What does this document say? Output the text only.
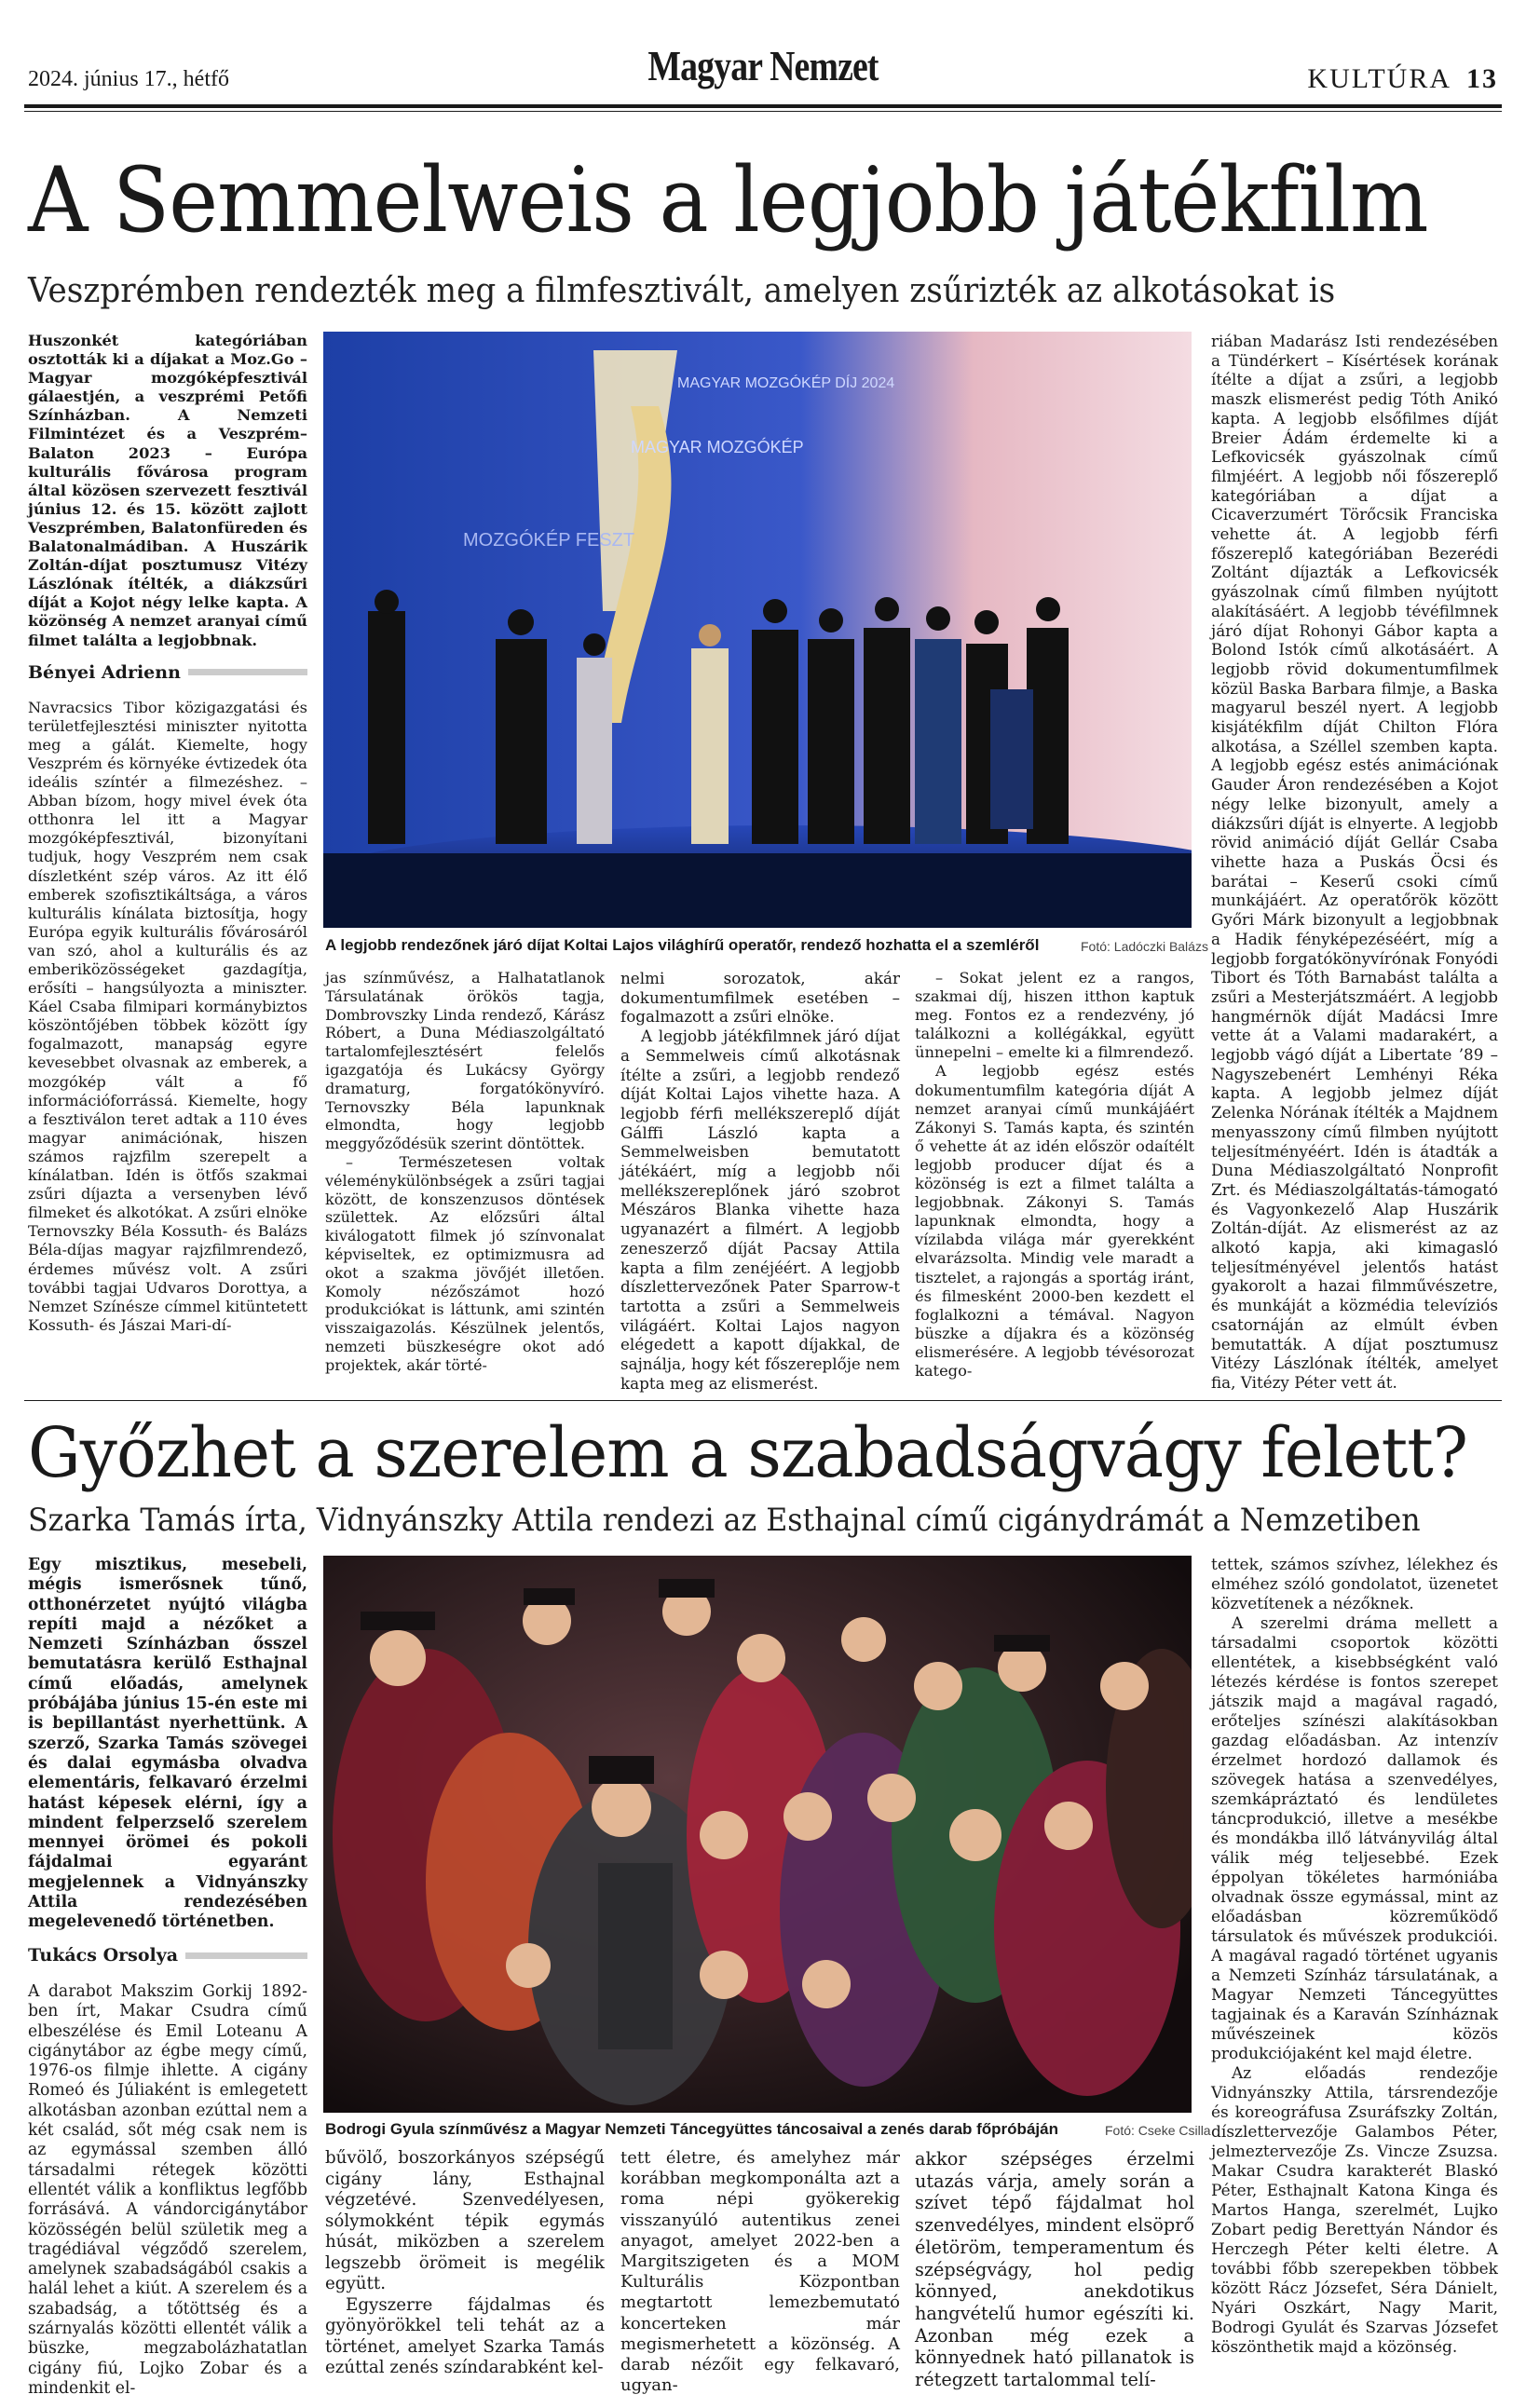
2024. június 17., hétfő	Magyar Nemzet	KULTÚRA 13
A Semmelweis a legjobb játékfilm
Veszprémben rendezték meg a filmfesztivált, amelyen zsűrizték az alkotásokat is
Huszonkét kategóriában osztották ki a díjakat a Moz.Go – Magyar mozgóképfesztivál gálaestjén, a veszprémi Petőfi Színházban. A Nemzeti Filmintézet és a Veszprém–Balaton 2023 – Európa kulturális fővárosa program által közösen szervezett fesztivál június 12. és 15. között zajlott Veszprémben, Balatonfüreden és Balatonalmádiban. A Huszárik Zoltán-díjat posztumusz Vitézy Lászlónak ítélték, a diákzsűri díját a Kojot négy lelke kapta. A közönség A nemzet aranyai című filmet találta a legjobbnak.
Bényei Adrienn

Navracsics Tibor közigazgatási és területfejlesztési miniszter nyitotta meg a gálát. Kiemelte, hogy Veszprém és környéke évtizedek óta ideális színtér a filmezéshez. – Abban bízom, hogy mivel évek óta otthonra lel itt a Magyar mozgóképfesztivál, bizonyítani tudjuk, hogy Veszprém nem csak díszletként szép város. Az itt élő emberek szofisztikáltsága, a város kulturális kínálata biztosítja, hogy Európa egyik kulturális fővárosáról van szó, ahol a kulturális és az emberiközösségeket gazdagítja, erősíti – hangsúlyozta a miniszter. Káel Csaba filmipari kormánybiztos köszöntőjében többek között így fogalmazott, manapság egyre kevesebbet olvasnak az emberek, a mozgókép vált a fő információforrássá. Kiemelte, hogy a fesztiválon teret adtak a 110 éves magyar animációnak, hiszen számos rajzfilm szerepelt a kínálatban. Idén is ötfős szakmai zsűri díjazta a versenyben lévő filmeket és alkotókat. A zsűri elnöke Ternovszky Béla Kossuth- és Balázs Béla-díjas magyar rajzfilmrendező, érdemes művész volt. A zsűri további tagjai Udvaros Dorottya, a Nemzet Színésze címmel kitüntetett Kossuth- és Jászai Mari-dí-

MAGYAR MOZGÓKÉP DÍJ 2024
MAGYAR MOZGÓKÉP
MOZGÓKÉP FESZT
A legjobb rendezőnek járó díjat Koltai Lajos világhírű operatőr, rendező hozhatta el a szemléről	Fotó: Ladóczki Balázs

jas színművész, a Halhatatlanok Társulatának örökös tagja, Dombrovszky Linda rendező, Kárász Róbert, a Duna Médiaszolgáltató tartalomfejlesztésért felelős igazgatója és Lukácsy György dramaturg, forgatókönyvíró. Ternovszky Béla lapunknak elmondta, hogy legjobb meggyőződésük szerint döntöttek.

– Természetesen voltak véleménykülönbségek a zsűri tagjai között, de konszenzusos döntések születtek. Az előzsűri által kiválogatott filmek jó színvonalat képviseltek, ez optimizmusra ad okot a szakma jövőjét illetően. Komoly nézőszámot hozó produkciókat is láttunk, ami szintén visszaigazolás. Készülnek jelentős, nemzeti büszkeségre okot adó projektek, akár törté-

nelmi sorozatok, akár dokumentumfilmek esetében – fogalmazott a zsűri elnöke.

A legjobb játékfilmnek járó díjat a Semmelweis című alkotásnak ítélte a zsűri, a legjobb rendező díját Koltai Lajos vihette haza. A legjobb férfi mellékszereplő díját Gálffi László kapta a Semmelweisben bemutatott játékáért, míg a legjobb női mellékszereplőnek járó szobrot Mészáros Blanka vihette haza ugyanazért a filmért. A legjobb zeneszerző díját Pacsay Attila kapta a film zenéjéért. A legjobb díszlettervezőnek Pater Sparrow-t tartotta a zsűri a Semmelweis világáért. Koltai Lajos nagyon elégedett a kapott díjakkal, de sajnálja, hogy két főszereplője nem kapta meg az elismerést.

– Sokat jelent ez a rangos, szakmai díj, hiszen itthon kaptuk meg. Fontos ez a rendezvény, jó találkozni a kollégákkal, együtt ünnepelni – emelte ki a filmrendező.

A legjobb egész estés dokumentumfilm kategória díját A nemzet aranyai című munkájáért Zákonyi S. Tamás kapta, és szintén ő vehette át az idén először odaítélt legjobb producer díjat és a közönség is ezt a filmet találta a legjobbnak. Zákonyi S. Tamás lapunknak elmondta, hogy a vízilabda világa már gyerekként elvarázsolta. Mindig vele maradt a tisztelet, a rajongás a sportág iránt, és filmesként 2000-ben kezdett el foglalkozni a témával. Nagyon büszke a díjakra és a közönség elismerésére. A legjobb tévésorozat katego-

riában Madarász Isti rendezésében a Tündérkert – Kísértések korának ítélte a díjat a zsűri, a legjobb maszk elismerést pedig Tóth Anikó kapta. A legjobb elsőfilmes díját Breier Ádám érdemelte ki a Lefkovicsék gyászolnak című filmjéért. A legjobb női főszereplő kategóriában a díjat a Cicaverzumért Törőcsik Franciska vehette át. A legjobb férfi főszereplő kategóriában Bezerédi Zoltánt díjazták a Lefkovicsék gyászolnak című filmben nyújtott alakításáért. A legjobb tévéfilmnek járó díjat Rohonyi Gábor kapta a Bolond Istók című alkotásáért. A legjobb rövid dokumentumfilmek közül Baska Barbara filmje, a Baska magyarul beszél nyert. A legjobb kisjátékfilm díját Chilton Flóra alkotása, a Széllel szemben kapta. A legjobb egész estés animációnak Gauder Áron rendezésében a Kojot négy lelke bizonyult, amely a diákzsűri díját is elnyerte. A legjobb rövid animáció díját Gellár Csaba vihette haza a Puskás Öcsi és barátai – Keserű csoki című munkájáért. Az operatőrök között Győri Márk bizonyult a legjobbnak a Hadik fényképezéséért, míg a legjobb forgatókönyvírónak Fonyódi Tibort és Tóth Barnabást találta a zsűri a Mesterjátszmáért. A legjobb hangmérnök díját Madácsi Imre vette át a Valami madarakért, a legjobb vágó díját a Libertate ’89 – Nagyszebenért Lemhényi Réka kapta. A legjobb jelmez díját Zelenka Nórának ítélték a Majdnem menyasszony című filmben nyújtott teljesítményéért. Idén is átadták a Duna Médiaszolgáltató Nonprofit Zrt. és Médiaszolgáltatás-támogató és Vagyonkezelő Alap Huszárik Zoltán-díját. Az elismerést az az alkotó kapja, aki kimagasló teljesítményével jelentős hatást gyakorolt a hazai filmművészetre, és munkáját a közmédia televíziós csatornáján az elmúlt évben bemutatták. A díjat posztumusz Vitézy Lászlónak ítélték, amelyet fia, Vitézy Péter vett át.

Győzhet a szerelem a szabadságvágy felett?
Szarka Tamás írta, Vidnyánszky Attila rendezi az Esthajnal című cigánydrámát a Nemzetiben
Egy misztikus, mesebeli, mégis ismerősnek tűnő, otthonérzetet nyújtó világba repíti majd a nézőket a Nemzeti Színházban ősszel bemutatásra kerülő Esthajnal című előadás, amelynek próbájába június 15-én este mi is bepillantást nyerhettünk. A szerző, Szarka Tamás szövegei és dalai egymásba olvadva elementáris, felkavaró érzelmi hatást képesek elérni, így a mindent felperzselő szerelem mennyei örömei és pokoli fájdalmai egyaránt megjelennek a Vidnyánszky Attila rendezésében megelevenedő történetben.
Tukács Orsolya

A darabot Makszim Gorkij 1892-ben írt, Makar Csudra című elbeszélése és Emil Loteanu A cigánytábor az égbe megy című, 1976-os filmje ihlette. A cigány Romeó és Júliaként is emlegetett alkotásban azonban ezúttal nem a két család, sőt még csak nem is az egymással szemben álló társadalmi rétegek közötti ellentét válik a konfliktus legfőbb forrásává. A vándorcigánytábor közösségén belül születik meg a tragédiával végződő szerelem, amelynek szabadságából csakis a halál lehet a kiút. A szerelem és a szabadság, a tőtöttség és a szárnyalás közötti ellentét válik a büszke, megzabolázhatatlan cigány fiú, Lojko Zobar és a mindenkit el-

Bodrogi Gyula színművész a Magyar Nemzeti Táncegyüttes táncosaival a zenés darab főpróbáján	Fotó: Cseke Csilla

bűvölő, boszorkányos szépségű cigány lány, Esthajnal végzetévé. Szenvedélyesen, sólymokként tépik egymás húsát, miközben a szerelem legszebb örömeit is megélik együtt.

Egyszerre fájdalmas és gyönyörökkel teli tehát az a történet, amelyet Szarka Tamás ezúttal zenés színdarabként kel-

tett életre, és amelyhez már korábban megkomponálta azt a roma népi gyökerekig visszanyúló autentikus zenei anyagot, amelyet 2022-ben a Margitszigeten és a MOM Kulturális Központban megtartott lemezbemutató koncerteken már megismerhetett a közönség. A darab nézőit egy felkavaró, ugyan-

akkor szépséges érzelmi utazás várja, amely során a szívet tépő fájdalmat hol szenvedélyes, mindent elsöprő életöröm, temperamentum és szépségvágy, hol pedig könnyed, anekdotikus hangvételű humor egészíti ki. Azonban még ezek a könnyednek ható pillanatok is rétegzett tartalommal telí-

tettek, számos szívhez, lélekhez és elméhez szóló gondolatot, üzenetet közvetítenek a nézőknek.

A szerelmi dráma mellett a társadalmi csoportok közötti ellentétek, a kisebbségként való létezés kérdése is fontos szerepet játszik majd a magával ragadó, erőteljes színészi alakításokban gazdag előadásban. Az intenzív érzelmet hordozó dallamok és szövegek hatása a szenvedélyes, szemkápráztató és lendületes táncprodukció, illetve a mesékbe és mondákba illő látványvilág által válik még teljesebbé. Ezek éppolyan tökéletes harmóniába olvadnak össze egymással, mint az előadásban közreműködő társulatok és művészek produkciói. A magával ragadó történet ugyanis a Nemzeti Színház társulatának, a Magyar Nemzeti Táncegyüttes tagjainak és a Karaván Színháznak művészeinek közös produkciójaként kel majd életre.

Az előadás rendezője Vidnyánszky Attila, társrendezője és koreográfusa Zsuráfszky Zoltán, díszlettervezője Galambos Péter, jelmeztervezője Zs. Vincze Zsuzsa. Makar Csudra karakterét Blaskó Péter, Esthajnalt Katona Kinga és Martos Hanga, szerelmét, Lujko Zobart pedig Berettyán Nándor és Herczegh Péter kelti életre. A további főbb szerepekben többek között Rácz Józsefet, Séra Dánielt, Nyári Oszkárt, Nagy Marit, Bodrogi Gyulát és Szarvas Józsefet köszönthetik majd a közönség.
